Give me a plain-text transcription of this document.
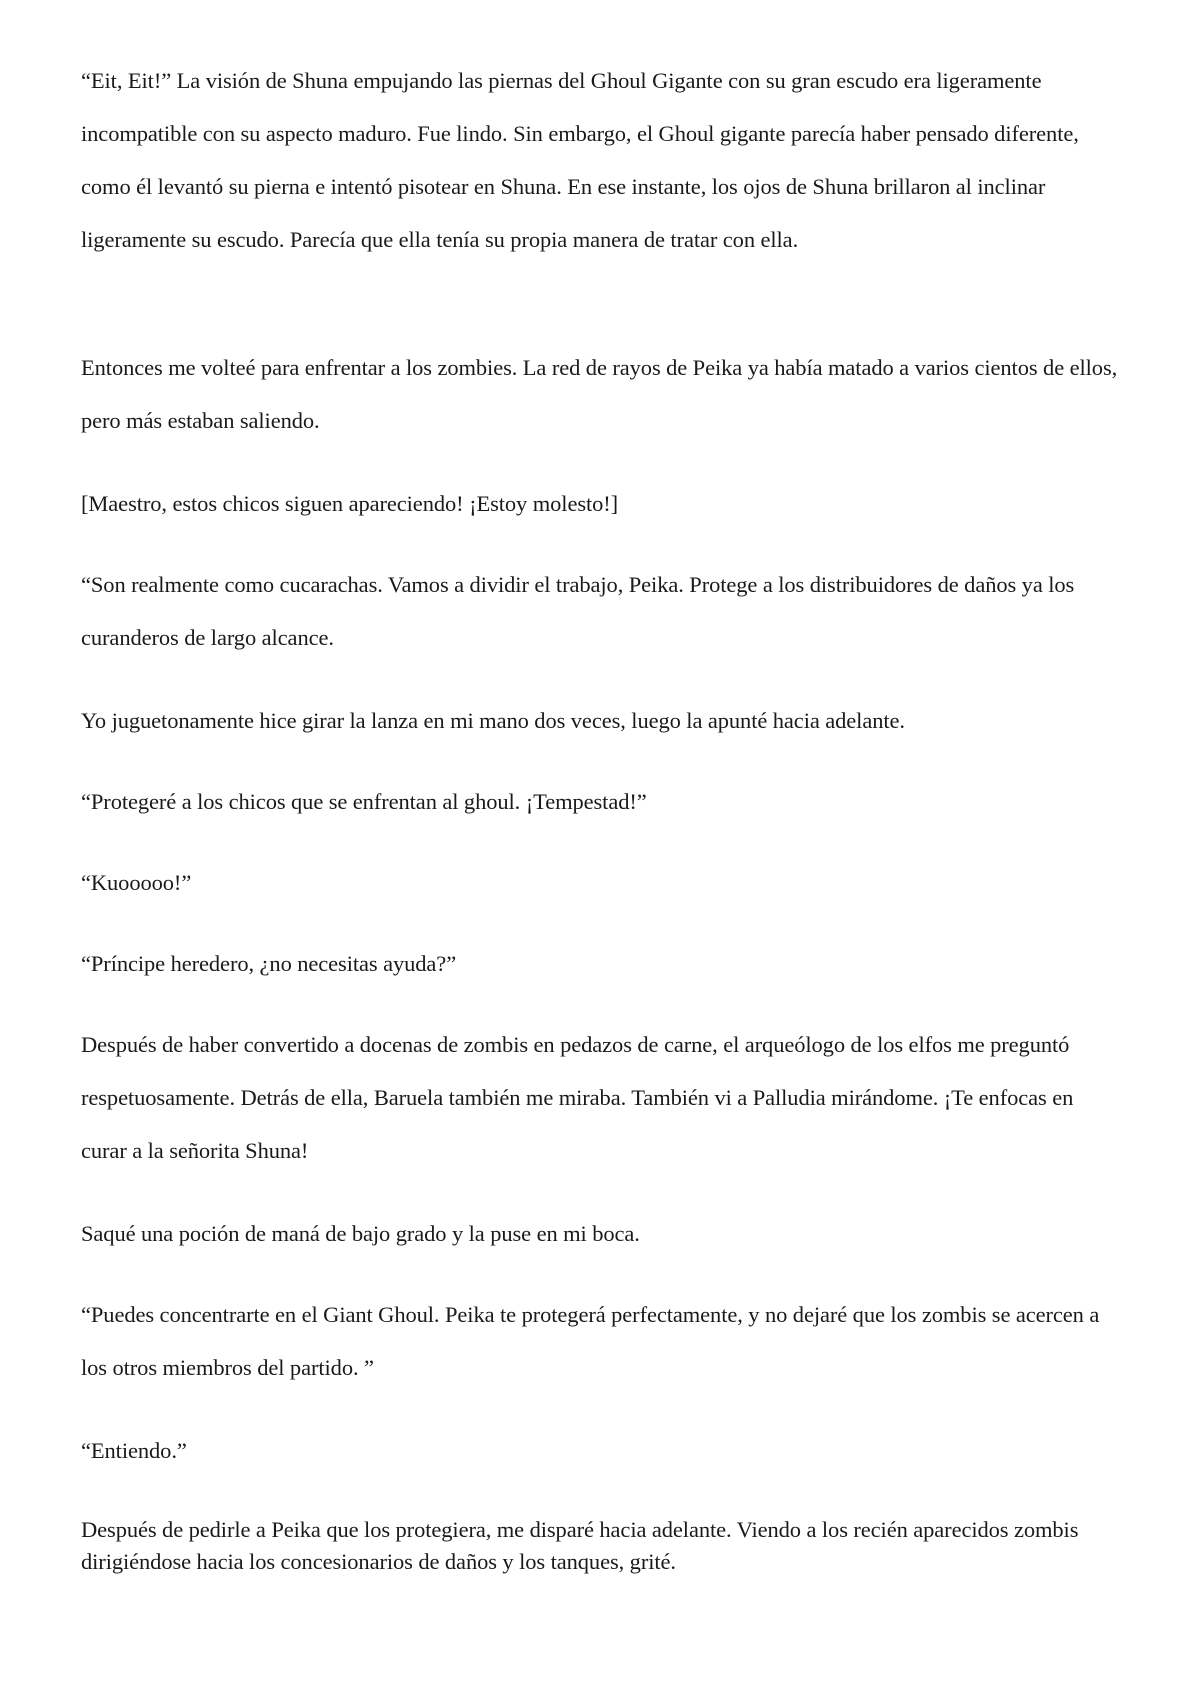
“Eit, Eit!” La visión de Shuna empujando las piernas del Ghoul Gigante con su gran escudo era ligeramente incompatible con su aspecto maduro. Fue lindo. Sin embargo, el Ghoul gigante parecía haber pensado diferente, como él levantó su pierna e intentó pisotear en Shuna. En ese instante, los ojos de Shuna brillaron al inclinar ligeramente su escudo. Parecía que ella tenía su propia manera de tratar con ella.

Entonces me volteé para enfrentar a los zombies. La red de rayos de Peika ya había matado a varios cientos de ellos, pero más estaban saliendo.

[Maestro, estos chicos siguen apareciendo! ¡Estoy molesto!]

“Son realmente como cucarachas. Vamos a dividir el trabajo, Peika. Protege a los distribuidores de daños ya los curanderos de largo alcance.

Yo juguetonamente hice girar la lanza en mi mano dos veces, luego la apunté hacia adelante.

“Protegeré a los chicos que se enfrentan al ghoul. ¡Tempestad!”

“Kuooooo!”

“Príncipe heredero, ¿no necesitas ayuda?”

Después de haber convertido a docenas de zombis en pedazos de carne, el arqueólogo de los elfos me preguntó respetuosamente. Detrás de ella, Baruela también me miraba. También vi a Palludia mirándome. ¡Te enfocas en curar a la señorita Shuna!

Saqué una poción de maná de bajo grado y la puse en mi boca.

“Puedes concentrarte en el Giant Ghoul. Peika te protegerá perfectamente, y no dejaré que los zombis se acercen a los otros miembros del partido. ”

“Entiendo.”

Después de pedirle a Peika que los protegiera, me disparé hacia adelante. Viendo a los recién aparecidos zombis dirigiéndose hacia los concesionarios de daños y los tanques, grité.
